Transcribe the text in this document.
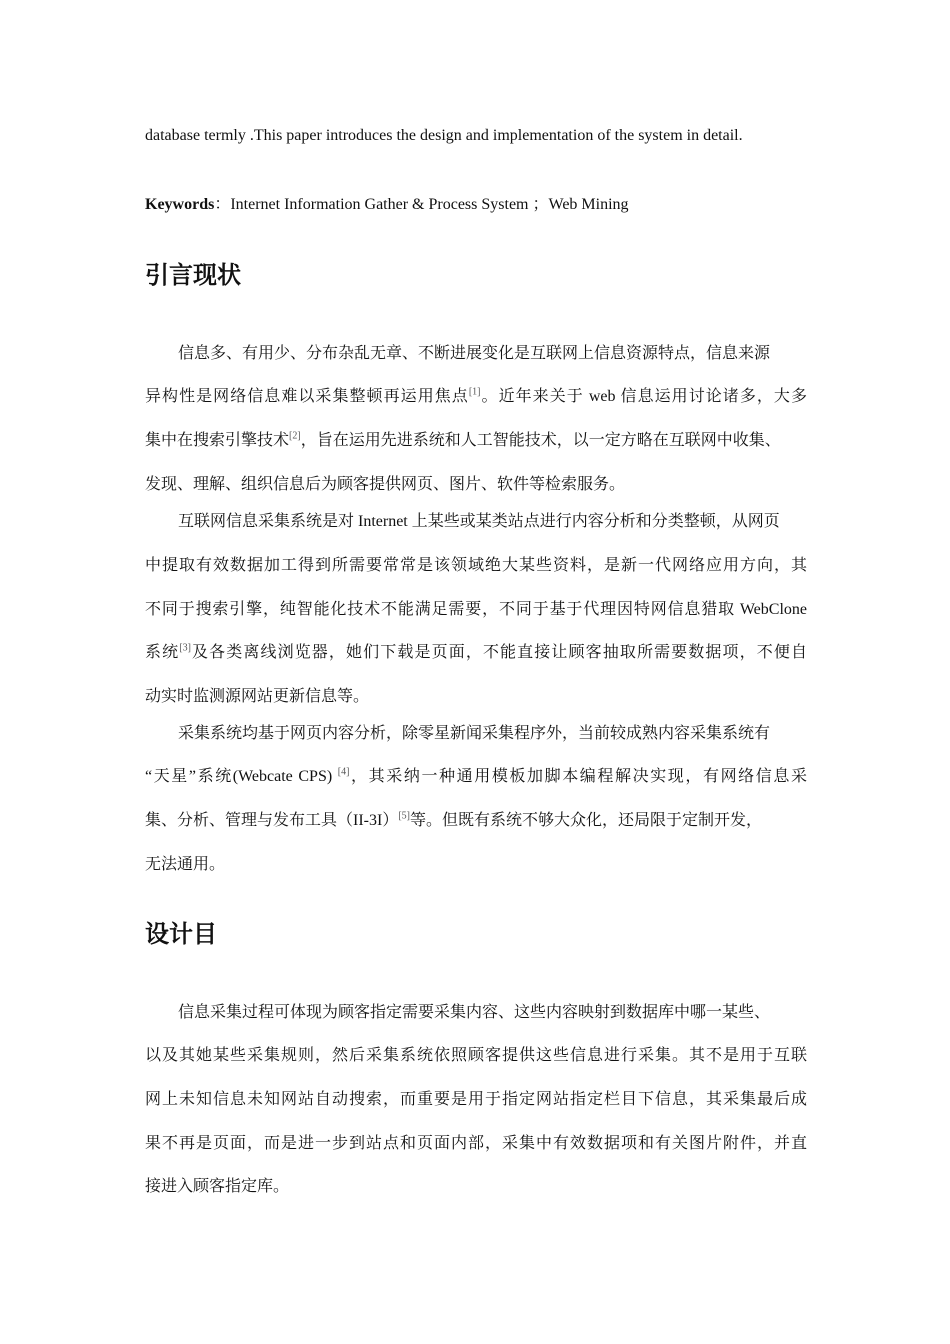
database termly .This paper introduces the design and implementation of the system in detail.
Keywords：Internet Information Gather & Process System ；Web Mining
引言现状
信息多、有用少、分布杂乱无章、不断进展变化是互联网上信息资源特点，信息来源
异构性是网络信息难以采集整顿再运用焦点[1]。近年来关于 web 信息运用讨论诸多，大多
集中在搜索引擎技术[2]，旨在运用先进系统和人工智能技术，以一定方略在互联网中收集、
发现、理解、组织信息后为顾客提供网页、图片、软件等检索服务。
互联网信息采集系统是对 Internet 上某些或某类站点进行内容分析和分类整顿，从网页
中提取有效数据加工得到所需要常常是该领域绝大某些资料，是新一代网络应用方向，其
不同于搜索引擎，纯智能化技术不能满足需要，不同于基于代理因特网信息猎取 WebClone
系统[3]及各类离线浏览器，她们下载是页面，不能直接让顾客抽取所需要数据项，不便自
动实时监测源网站更新信息等。
采集系统均基于网页内容分析，除零星新闻采集程序外，当前较成熟内容采集系统有
“天星”系统(Webcate CPS) [4]，其采纳一种通用模板加脚本编程解决实现，有网络信息采
集、分析、管理与发布工具（II-3I）[5]等。但既有系统不够大众化，还局限于定制开发，
无法通用。
设计目
信息采集过程可体现为顾客指定需要采集内容、这些内容映射到数据库中哪一某些、
以及其她某些采集规则，然后采集系统依照顾客提供这些信息进行采集。其不是用于互联
网上未知信息未知网站自动搜索，而重要是用于指定网站指定栏目下信息，其采集最后成
果不再是页面，而是进一步到站点和页面内部，采集中有效数据项和有关图片附件，并直
接进入顾客指定库。
